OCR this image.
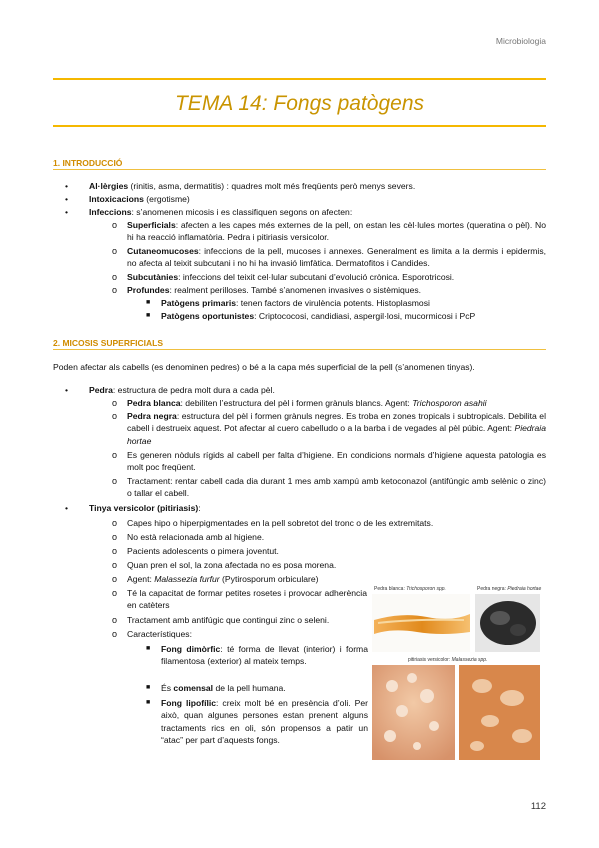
Microbiologia
TEMA 14: Fongs patògens
1. INTRODUCCIÓ
•	Al·lèrgies (rinitis, asma, dermatitis) : quadres molt més freqüents però menys severs.
•	Intoxicacions (ergotisme)
•	Infeccions: s’anomenen micosis i es classifiquen segons on afecten:
o	Superficials: afecten a les capes més externes de la pell, on estan les cèl·lules mortes (queratina o pèl). No hi ha reacció inflamatòria. Pedra i pitiriasis versicolor.
o	Cutaneomucoses: infeccions de la pell, mucoses i annexes. Generalment es limita a la dermis i epidermis, no afecta al teixit subcutani i no hi ha invasió limfàtica. Dermatofitos i Candides.
o	Subcutànies: infeccions del teixit cel·lular subcutani d’evolució crònica. Esporotricosi.
o	Profundes: realment perilloses. També s’anomenen invasives o sistèmiques.
■	Patògens primaris: tenen factors de virulència potents. Histoplasmosi
■	Patògens oportunistes: Criptococosi, candidiasi, aspergil·losi, mucormicosi i PcP
2. MICOSIS SUPERFICIALS
Poden afectar als cabells (es denominen pedres) o bé a la capa més superficial de la pell (s’anomenen tinyas).
•	Pedra: estructura de pedra molt dura a cada pèl.
o	Pedra blanca: debiliten l’estructura del pèl i formen grànuls blancs. Agent: Trichosporon asahii
o	Pedra negra: estructura del pèl i formen grànuls negres. Es troba en zones tropicals i subtropicals. Debilita el cabell i destrueix aquest. Pot afectar al cuero cabelludo o a la barba i de vegades al pèl púbic. Agent: Piedraia hortae
o	Es generen nòduls rígids al cabell per falta d’higiene. En condicions normals d’higiene aquesta patologia es molt poc freqüent.
o	Tractament: rentar cabell cada dia durant 1 mes amb xampú amb ketoconazol (antifúngic amb selènic o zinc) o tallar el cabell.
•	Tinya versicolor (pitiriasis):
o	Capes hipo o hiperpigmentades en la pell sobretot del tronc o de les extremitats.
o	No està relacionada amb al higiene.
o	Pacients adolescents o pimera joventut.
o	Quan pren el sol, la zona afectada no es posa morena.
o	Agent: Malassezia furfur (Pytirosporum orbiculare)
o	Té la capacitat de formar petites rosetes i provocar adherència en catèters
o	Tractament amb antifúgic que contingui zinc o seleni.
o	Característiques:
■	Fong dimòrfic: té forma de llevat (interior) i forma filamentosa (exterior) al mateix temps.
■	És comensal de la pell humana.
■	Fong lipofílic: creix molt bé en presència d’oli. Per això, quan algunes persones estan prenent alguns tractaments rics en oli, són propensos a patir un “atac” per part d’aquests fongs.
Pedra blanca: Trichosporon spp.	Pedra negra: Piedraia hortae
pitiriasis versicolor: Malassezia spp.
112
